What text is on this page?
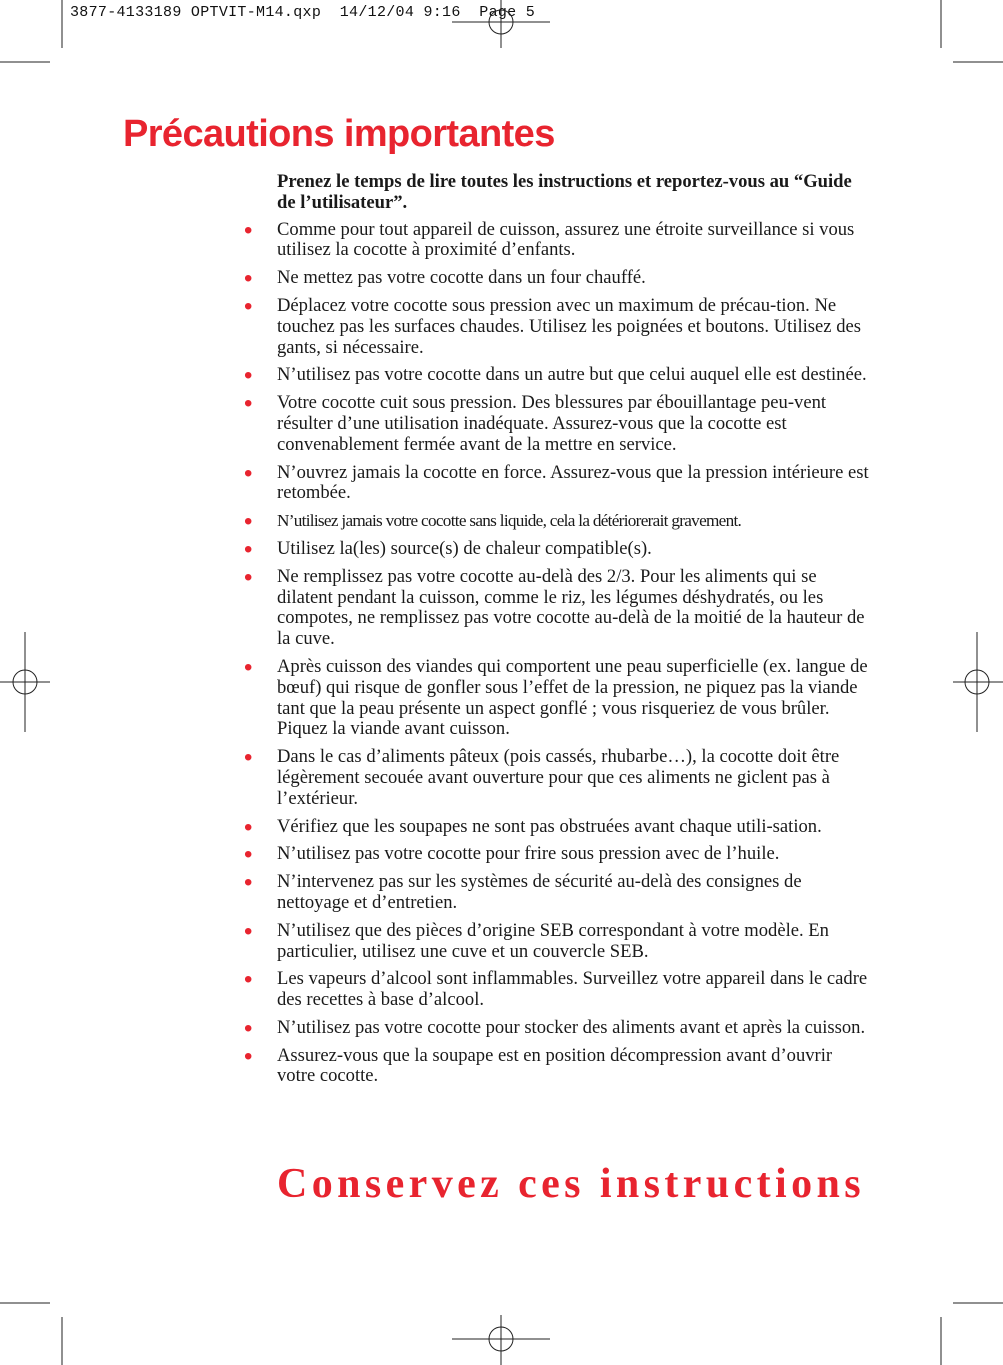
3877-4133189 OPTVIT-M14.qxp  14/12/04 9:16  Page 5
Précautions importantes

Prenez le temps de lire toutes les instructions et reportez-vous au “Guide de l’utilisateur”.

• Comme pour tout appareil de cuisson, assurez une étroite surveillance si vous utilisez la cocotte à proximité d’enfants.
• Ne mettez pas votre cocotte dans un four chauffé.
• Déplacez votre cocotte sous pression avec un maximum de précau-tion. Ne touchez pas les surfaces chaudes. Utilisez les poignées et boutons. Utilisez des gants, si nécessaire.
• N’utilisez pas votre cocotte dans un autre but que celui auquel elle est destinée.
• Votre cocotte cuit sous pression. Des blessures par ébouillantage peu-vent résulter d’une utilisation inadéquate. Assurez-vous que la cocotte est convenablement fermée avant de la mettre en service.
• N’ouvrez jamais la cocotte en force. Assurez-vous que la pression intérieure est retombée.
• N’utilisez jamais votre cocotte sans liquide, cela la détériorerait gravement.
• Utilisez la(les) source(s) de chaleur compatible(s).
• Ne remplissez pas votre cocotte au-delà des 2/3. Pour les aliments qui se dilatent pendant la cuisson, comme le riz, les légumes déshydratés, ou les compotes, ne remplissez pas votre cocotte au-delà de la moitié de la hauteur de la cuve.
• Après cuisson des viandes qui comportent une peau superficielle (ex. langue de bœuf) qui risque de gonfler sous l’effet de la pression, ne piquez pas la viande tant que la peau présente un aspect gonflé ; vous risqueriez de vous brûler. Piquez la viande avant cuisson.
• Dans le cas d’aliments pâteux (pois cassés, rhubarbe…), la cocotte doit être légèrement secouée avant ouverture pour que ces aliments ne giclent pas à l’extérieur.
• Vérifiez que les soupapes ne sont pas obstruées avant chaque utili-sation.
• N’utilisez pas votre cocotte pour frire sous pression avec de l’huile.
• N’intervenez pas sur les systèmes de sécurité au-delà des consignes de nettoyage et d’entretien.
• N’utilisez que des pièces d’origine SEB correspondant à votre modèle. En particulier, utilisez une cuve et un couvercle SEB.
• Les vapeurs d’alcool sont inflammables. Surveillez votre appareil dans le cadre des recettes à base d’alcool.
• N’utilisez pas votre cocotte pour stocker des aliments avant et après la cuisson.
• Assurez-vous que la soupape est en position décompression avant d’ouvrir votre cocotte.

Conservez ces instructions
